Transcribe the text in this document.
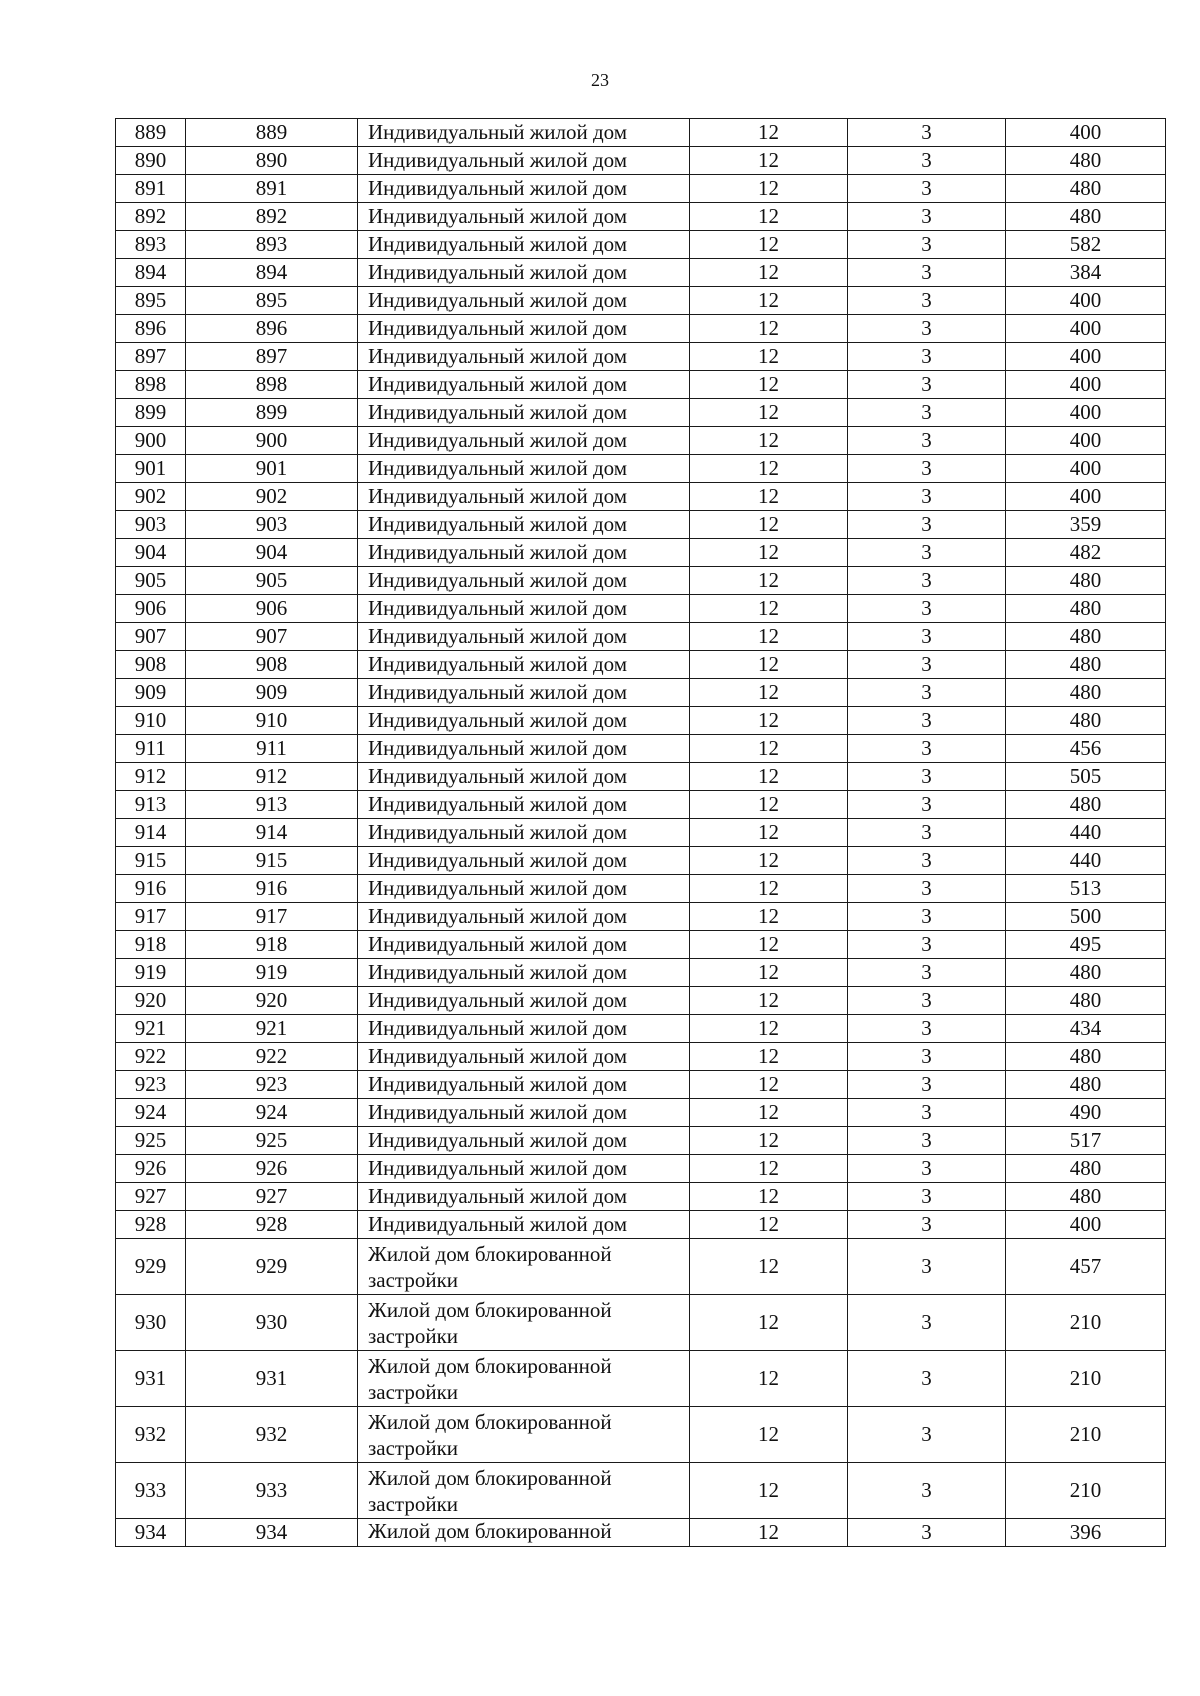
23
889	889	Индивидуальный жилой дом	12	3	400
890	890	Индивидуальный жилой дом	12	3	480
891	891	Индивидуальный жилой дом	12	3	480
892	892	Индивидуальный жилой дом	12	3	480
893	893	Индивидуальный жилой дом	12	3	582
894	894	Индивидуальный жилой дом	12	3	384
895	895	Индивидуальный жилой дом	12	3	400
896	896	Индивидуальный жилой дом	12	3	400
897	897	Индивидуальный жилой дом	12	3	400
898	898	Индивидуальный жилой дом	12	3	400
899	899	Индивидуальный жилой дом	12	3	400
900	900	Индивидуальный жилой дом	12	3	400
901	901	Индивидуальный жилой дом	12	3	400
902	902	Индивидуальный жилой дом	12	3	400
903	903	Индивидуальный жилой дом	12	3	359
904	904	Индивидуальный жилой дом	12	3	482
905	905	Индивидуальный жилой дом	12	3	480
906	906	Индивидуальный жилой дом	12	3	480
907	907	Индивидуальный жилой дом	12	3	480
908	908	Индивидуальный жилой дом	12	3	480
909	909	Индивидуальный жилой дом	12	3	480
910	910	Индивидуальный жилой дом	12	3	480
911	911	Индивидуальный жилой дом	12	3	456
912	912	Индивидуальный жилой дом	12	3	505
913	913	Индивидуальный жилой дом	12	3	480
914	914	Индивидуальный жилой дом	12	3	440
915	915	Индивидуальный жилой дом	12	3	440
916	916	Индивидуальный жилой дом	12	3	513
917	917	Индивидуальный жилой дом	12	3	500
918	918	Индивидуальный жилой дом	12	3	495
919	919	Индивидуальный жилой дом	12	3	480
920	920	Индивидуальный жилой дом	12	3	480
921	921	Индивидуальный жилой дом	12	3	434
922	922	Индивидуальный жилой дом	12	3	480
923	923	Индивидуальный жилой дом	12	3	480
924	924	Индивидуальный жилой дом	12	3	490
925	925	Индивидуальный жилой дом	12	3	517
926	926	Индивидуальный жилой дом	12	3	480
927	927	Индивидуальный жилой дом	12	3	480
928	928	Индивидуальный жилой дом	12	3	400
929	929	Жилой дом блокированной застройки	12	3	457
930	930	Жилой дом блокированной застройки	12	3	210
931	931	Жилой дом блокированной застройки	12	3	210
932	932	Жилой дом блокированной застройки	12	3	210
933	933	Жилой дом блокированной застройки	12	3	210
934	934	Жилой дом блокированной	12	3	396
